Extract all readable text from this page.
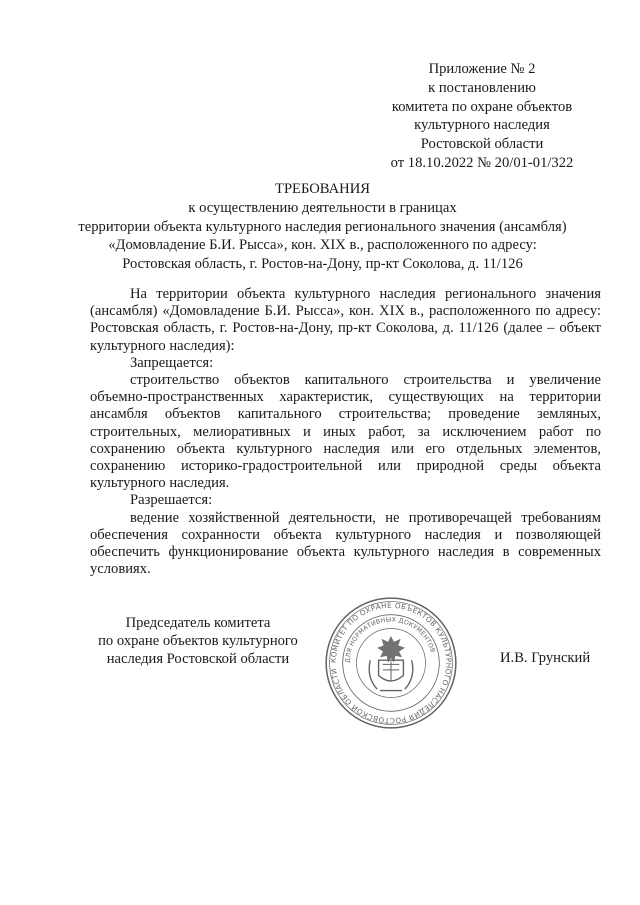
Приложение № 2
к постановлению
комитета по охране объектов
культурного наследия
Ростовской области
от 18.10.2022 № 20/01-01/322
ТРЕБОВАНИЯ
к осуществлению деятельности в границах
территории объекта культурного наследия регионального значения (ансамбля)
«Домовладение Б.И. Рысса», кон. XIX в., расположенного по адресу:
Ростовская область, г. Ростов-на-Дону, пр-кт Соколова, д. 11/126

На территории объекта культурного наследия регионального значения (ансамбля) «Домовладение Б.И. Рысса», кон. XIX в., расположенного по адресу: Ростовская область, г. Ростов-на-Дону, пр-кт Соколова, д. 11/126 (далее – объект культурного наследия):

Запрещается:

строительство объектов капитального строительства и увеличение объемно-пространственных характеристик, существующих на территории ансамбля объектов капитального строительства; проведение земляных, строительных, мелиоративных и иных работ, за исключением работ по сохранению объекта культурного наследия или его отдельных элементов, сохранению историко-градостроительной или природной среды объекта культурного наследия.

Разрешается:

ведение хозяйственной деятельности, не противоречащей требованиям обеспечения сохранности объекта культурного наследия и позволяющей обеспечить функционирование объекта культурного наследия в современных условиях.

Председатель комитета
по охране объектов культурного
наследия Ростовской области	И.В. Грунский
КОМИТЕТ ПО ОХРАНЕ ОБЪЕКТОВ КУЛЬТУРНОГО НАСЛЕДИЯ РОСТОВСКОЙ ОБЛАСТИ
ДЛЯ НОРМАТИВНЫХ ДОКУМЕНТОВ
